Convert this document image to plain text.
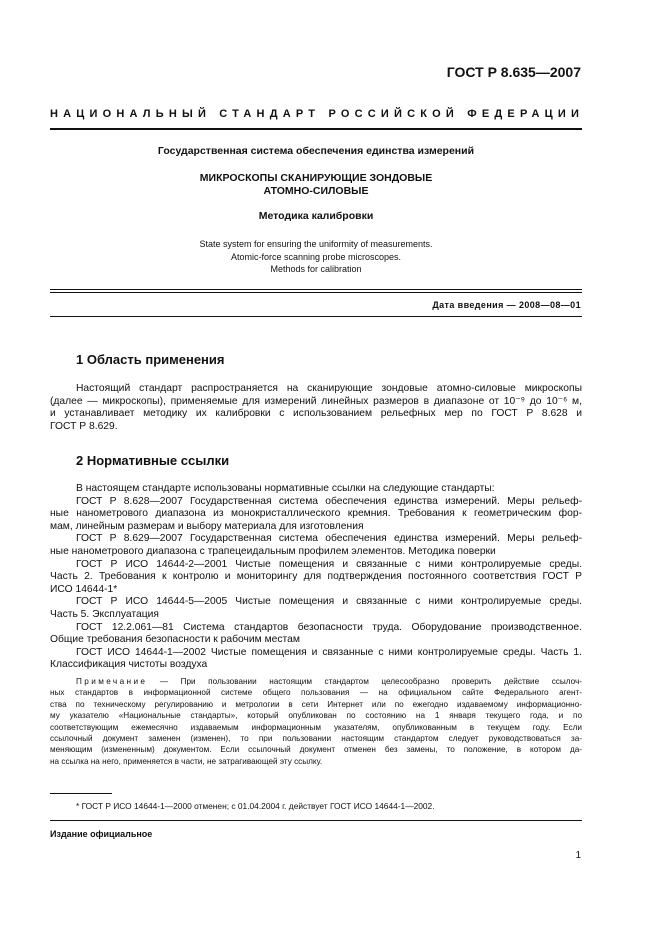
ГОСТ Р 8.635—2007
НАЦИОНАЛЬНЫЙ СТАНДАРТ РОССИЙСКОЙ ФЕДЕРАЦИИ
Государственная система обеспечения единства измерений
МИКРОСКОПЫ СКАНИРУЮЩИЕ ЗОНДОВЫЕ
АТОМНО-СИЛОВЫЕ
Методика калибровки
State system for ensuring the uniformity of measurements.
Atomic-force scanning probe microscopes.
Methods for calibration
Дата введения — 2008—08—01
1 Область применения
Настоящий стандарт распространяется на сканирующие зондовые атомно-силовые микроскопы
(далее — микроскопы), применяемые для измерений линейных размеров в диапазоне от 10⁻⁹ до 10⁻⁶ м,
и устанавливает методику их калибровки с использованием рельефных мер по ГОСТ Р 8.628 и
ГОСТ Р 8.629.
2 Нормативные ссылки
В настоящем стандарте использованы нормативные ссылки на следующие стандарты:
ГОСТ Р 8.628—2007 Государственная система обеспечения единства измерений. Меры рельеф-
ные нанометрового диапазона из монокристаллического кремния. Требования к геометрическим фор-
мам, линейным размерам и выбору материала для изготовления
ГОСТ Р 8.629—2007 Государственная система обеспечения единства измерений. Меры рельеф-
ные нанометрового диапазона с трапецеидальным профилем элементов. Методика поверки
ГОСТ Р ИСО 14644-2—2001 Чистые помещения и связанные с ними контролируемые среды.
Часть 2. Требования к контролю и мониторингу для подтверждения постоянного соответствия ГОСТ Р
ИСО 14644-1*
ГОСТ Р ИСО 14644-5—2005 Чистые помещения и связанные с ними контролируемые среды.
Часть 5. Эксплуатация
ГОСТ 12.2.061—81 Система стандартов безопасности труда. Оборудование производственное.
Общие требования безопасности к рабочим местам
ГОСТ ИСО 14644-1—2002 Чистые помещения и связанные с ними контролируемые среды. Часть 1.
Классификация чистоты воздуха
Примечание — При пользовании настоящим стандартом целесообразно проверить действие ссылоч-
ных стандартов в информационной системе общего пользования — на официальном сайте Федерального агент-
ства по техническому регулированию и метрологии в сети Интернет или по ежегодно издаваемому информационно-
му указателю «Национальные стандарты», который опубликован по состоянию на 1 января текущего года, и по
соответствующим ежемесячно издаваемым информационным указателям, опубликованным в текущем году. Если
ссылочный документ заменен (изменен), то при пользовании настоящим стандартом следует руководствоваться за-
меняющим (измененным) документом. Если ссылочный документ отменен без замены, то положение, в котором да-
на ссылка на него, применяется в части, не затрагивающей эту ссылку.
* ГОСТ Р ИСО 14644-1—2000 отменен; с 01.04.2004 г. действует ГОСТ ИСО 14644-1—2002.
Издание официальное
1
